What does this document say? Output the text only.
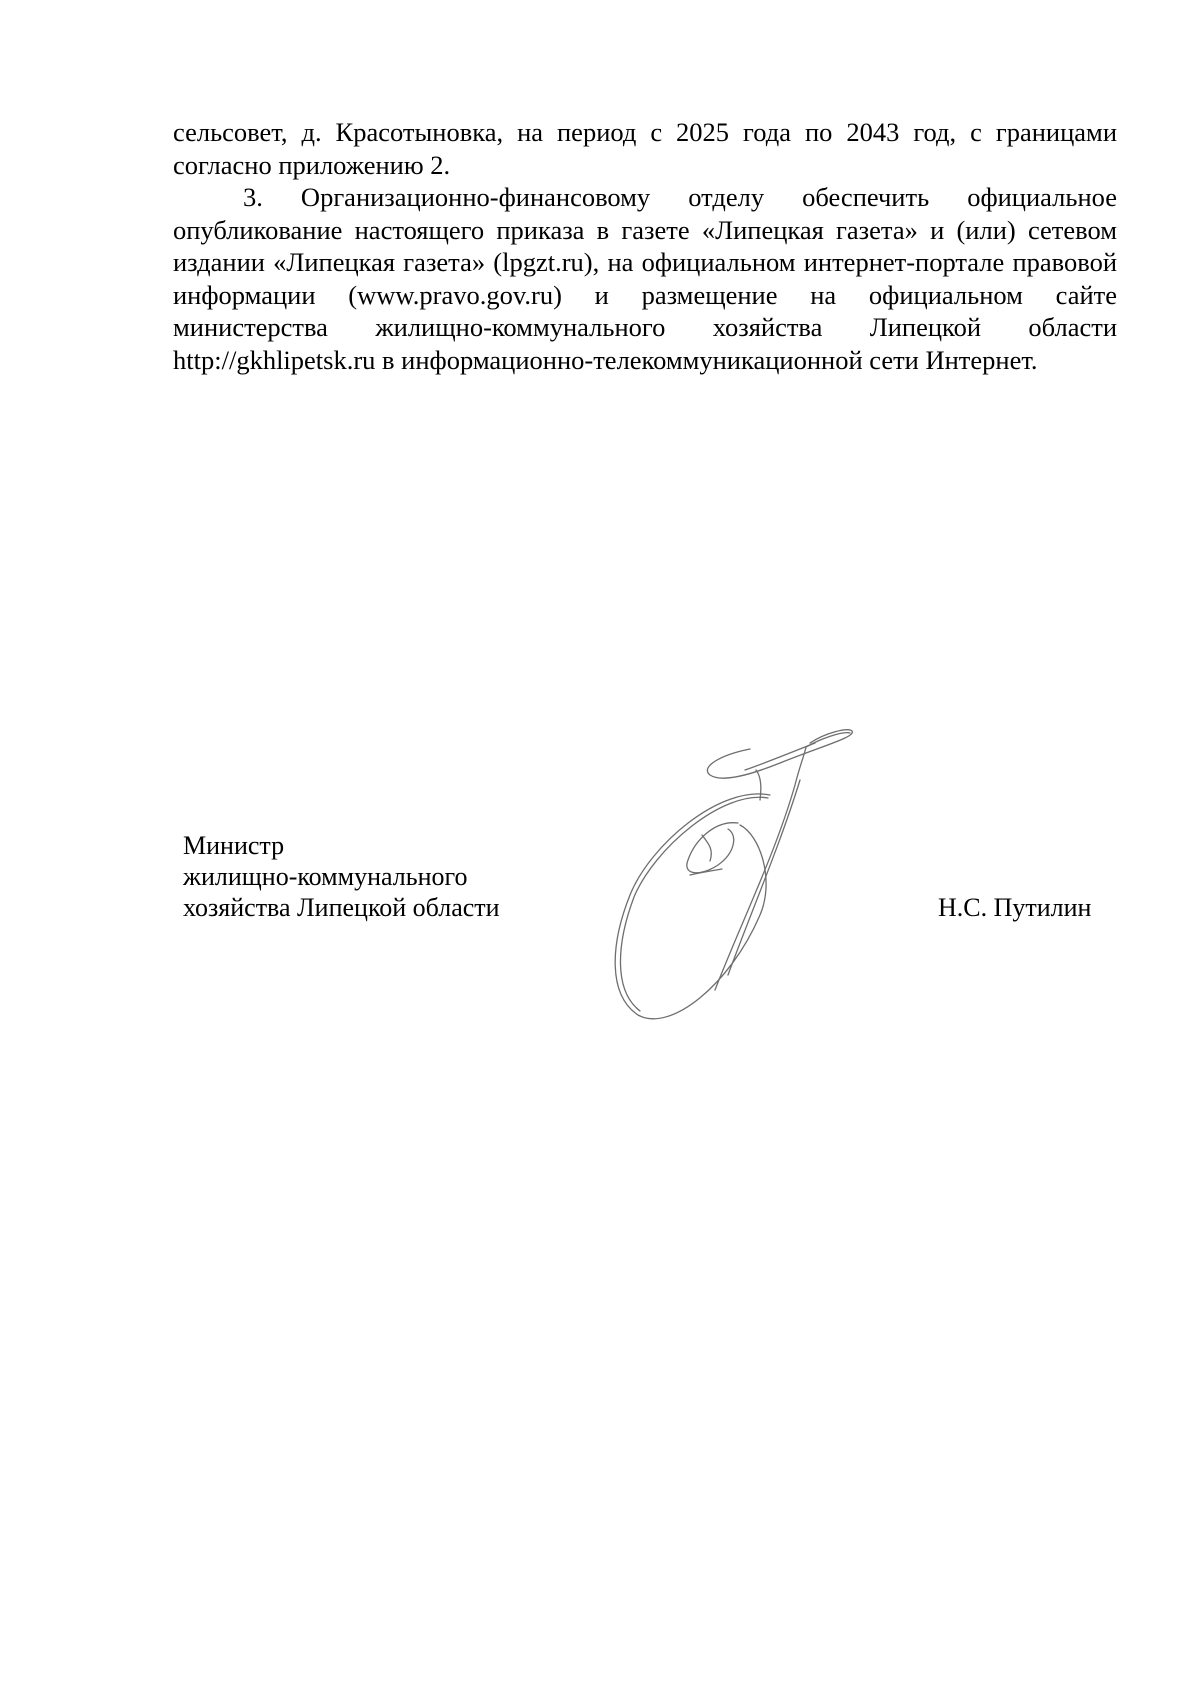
сельсовет, д. Красотыновка, на период с 2025 года по 2043 год, с границами согласно приложению 2.

3. Организационно-финансовому отделу обеспечить официальное опубликование настоящего приказа в газете «Липецкая газета» и (или) сетевом издании «Липецкая газета» (lpgzt.ru), на официальном интернет-портале правовой информации (www.pravo.gov.ru) и размещение на официальном сайте министерства жилищно-коммунального хозяйства Липецкой области http://gkhlipetsk.ru в информационно-телекоммуникационной сети Интернет.

Министр
жилищно-коммунального
хозяйства Липецкой области	Н.С. Путилин
